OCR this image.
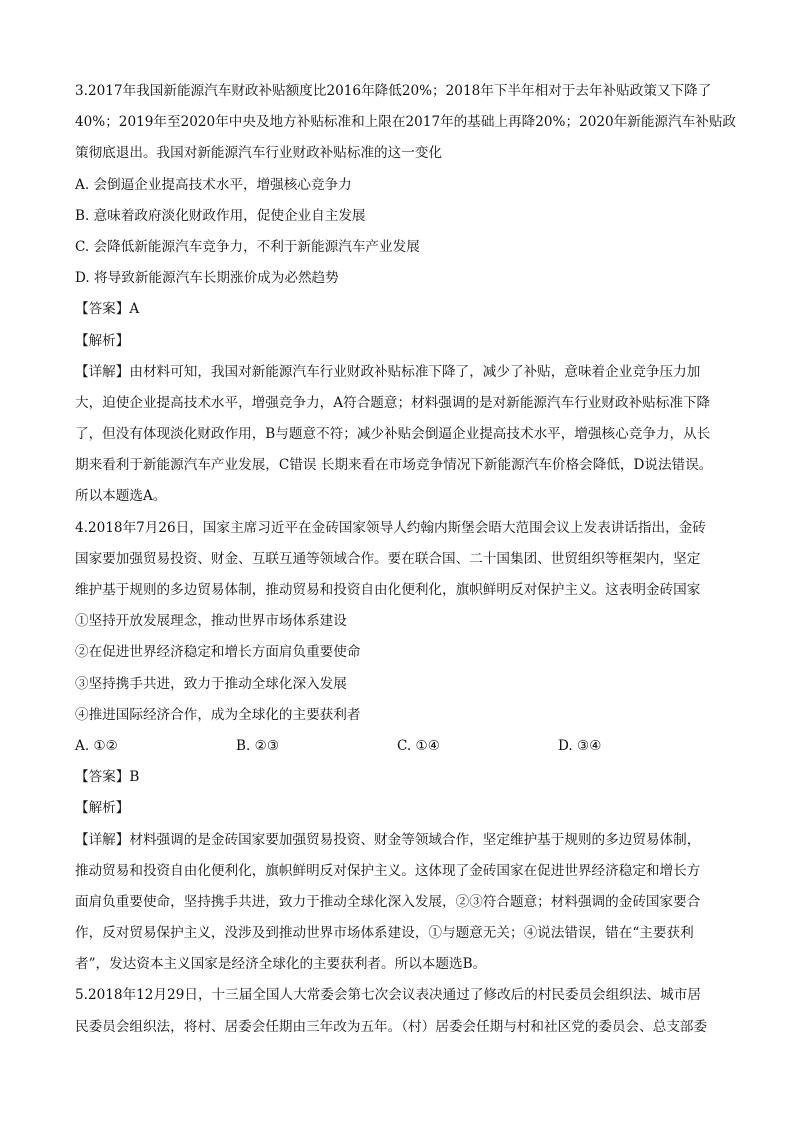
3.2017年我国新能源汽车财政补贴额度比2016年降低20%；2018年下半年相对于去年补贴政策又下降了
40%；2019年至2020年中央及地方补贴标准和上限在2017年的基础上再降20%；2020年新能源汽车补贴政
策彻底退出。我国对新能源汽车行业财政补贴标准的这一变化
A. 会倒逼企业提高技术水平，增强核心竞争力
B. 意味着政府淡化财政作用，促使企业自主发展
C. 会降低新能源汽车竞争力，不利于新能源汽车产业发展
D. 将导致新能源汽车长期涨价成为必然趋势
【答案】A
【解析】
【详解】由材料可知，我国对新能源汽车行业财政补贴标准下降了，减少了补贴，意味着企业竞争压力加
大，迫使企业提高技术水平，增强竞争力，A符合题意；材料强调的是对新能源汽车行业财政补贴标准下降
了，但没有体现淡化财政作用，B与题意不符；减少补贴会倒逼企业提高技术水平，增强核心竞争力，从长
期来看利于新能源汽车产业发展，C错误 长期来看在市场竞争情况下新能源汽车价格会降低，D说法错误。
所以本题选A。
4.2018年7月26日，国家主席习近平在金砖国家领导人约翰内斯堡会晤大范围会议上发表讲话指出，金砖
国家要加强贸易投资、财金、互联互通等领域合作。要在联合国、二十国集团、世贸组织等框架内，坚定
维护基于规则的多边贸易体制，推动贸易和投资自由化便利化，旗帜鲜明反对保护主义。这表明金砖国家
①坚持开放发展理念，推动世界市场体系建设
②在促进世界经济稳定和增长方面肩负重要使命
③坚持携手共进，致力于推动全球化深入发展
④推进国际经济合作，成为全球化的主要获利者
A. ①②	B. ②③	C. ①④	D. ③④
【答案】B
【解析】
【详解】材料强调的是金砖国家要加强贸易投资、财金等领域合作，坚定维护基于规则的多边贸易体制，
推动贸易和投资自由化便利化，旗帜鲜明反对保护主义。这体现了金砖国家在促进世界经济稳定和增长方
面肩负重要使命，坚持携手共进，致力于推动全球化深入发展，②③符合题意；材料强调的金砖国家要合
作，反对贸易保护主义，没涉及到推动世界市场体系建设，①与题意无关；④说法错误，错在“主要获利
者”，发达资本主义国家是经济全球化的主要获利者。所以本题选B。
5.2018年12月29日，十三届全国人大常委会第七次会议表决通过了修改后的村民委员会组织法、城市居
民委员会组织法，将村、居委会任期由三年改为五年。（村）居委会任期与村和社区党的委员会、总支部委
